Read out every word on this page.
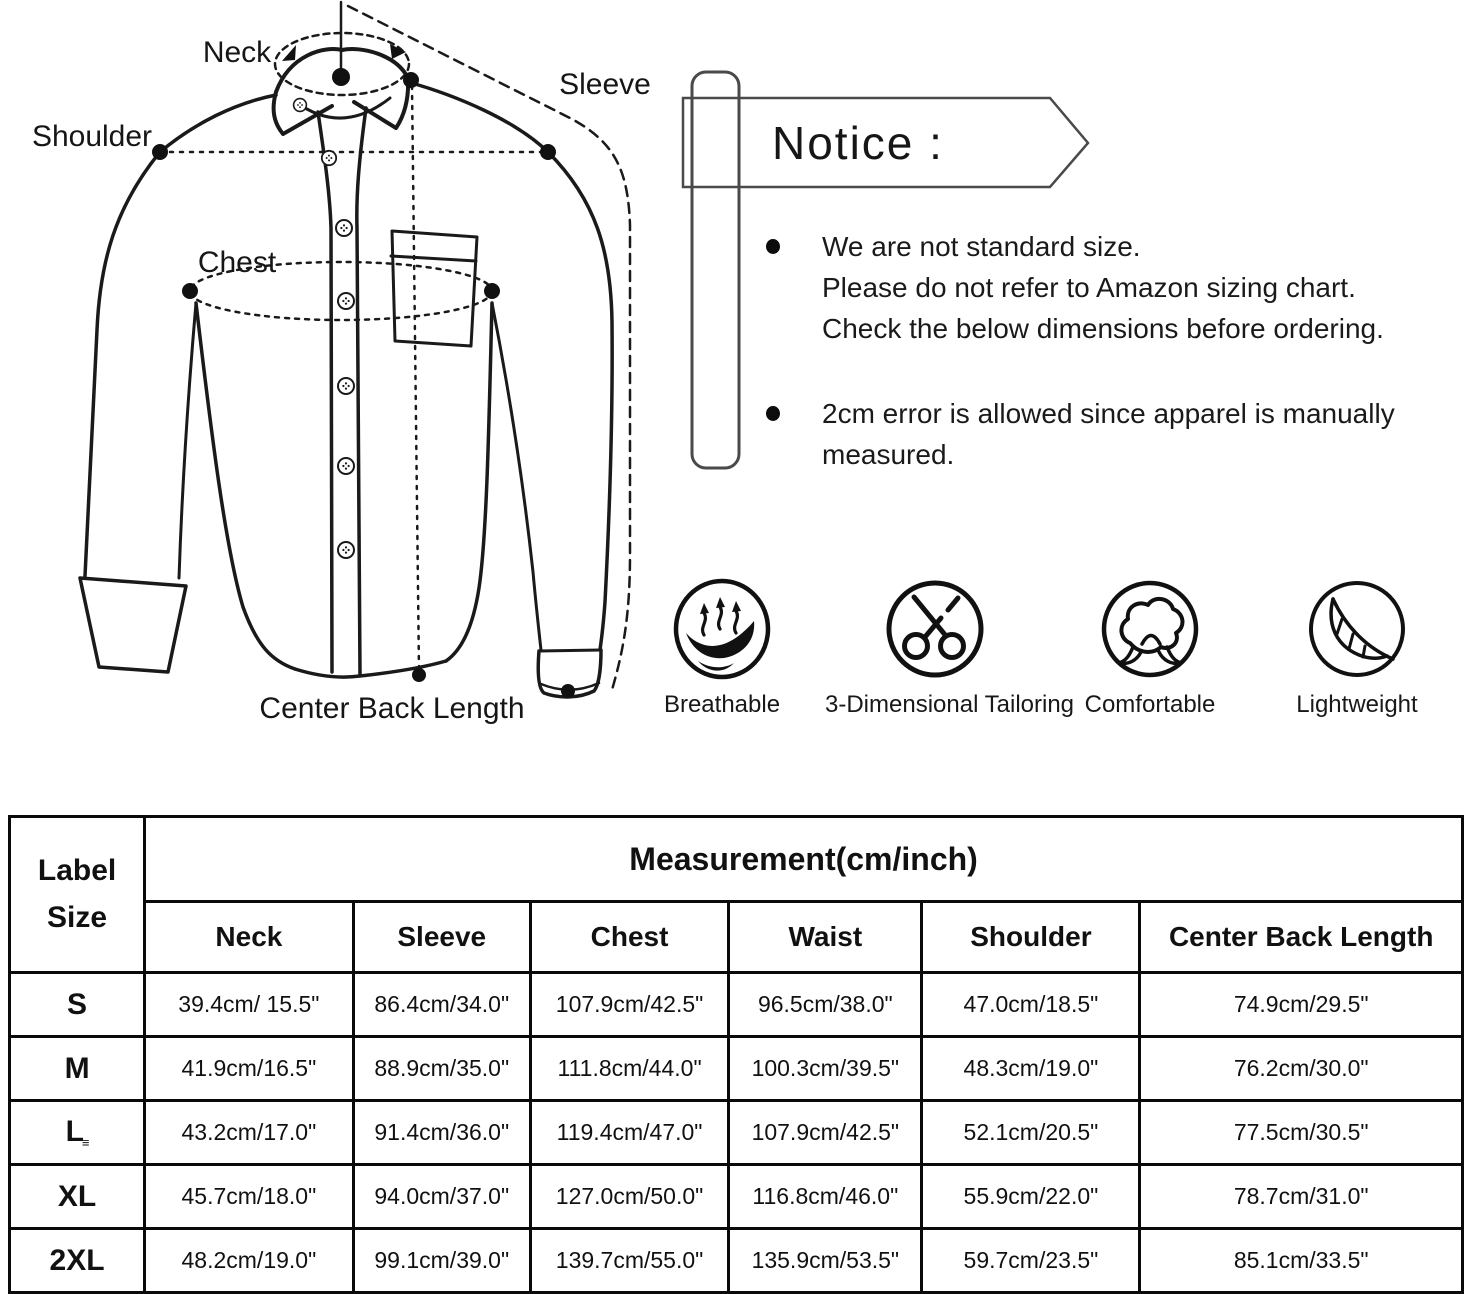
Neck
Shoulder
Sleeve
Chest
Center Back Length
Notice :
We are not standard size.
Please do not refer to Amazon sizing chart.
Check the below dimensions before ordering.
2cm error is allowed since apparel is manually
measured.
Breathable	3-Dimensional Tailoring Comfortable	Lightweight
Label
Size	Measurement(cm/inch)					
	Neck	Sleeve	Chest	Waist	Shoulder	Center Back Length
S	39.4cm/ 15.5"	86.4cm/34.0"	107.9cm/42.5"	96.5cm/38.0"	47.0cm/18.5"	74.9cm/29.5"
M	41.9cm/16.5"	88.9cm/35.0"	111.8cm/44.0"	100.3cm/39.5"	48.3cm/19.0"	76.2cm/30.0"
$L_\equiv$	43.2cm/17.0"	91.4cm/36.0"	119.4cm/47.0"	107.9cm/42.5"	52.1cm/20.5"	77.5cm/30.5"
XL	45.7cm/18.0"	94.0cm/37.0"	127.0cm/50.0"	116.8cm/46.0"	55.9cm/22.0"	78.7cm/31.0"
2XL	48.2cm/19.0"	99.1cm/39.0"	139.7cm/55.0"	135.9cm/53.5"	59.7cm/23.5"	85.1cm/33.5"
